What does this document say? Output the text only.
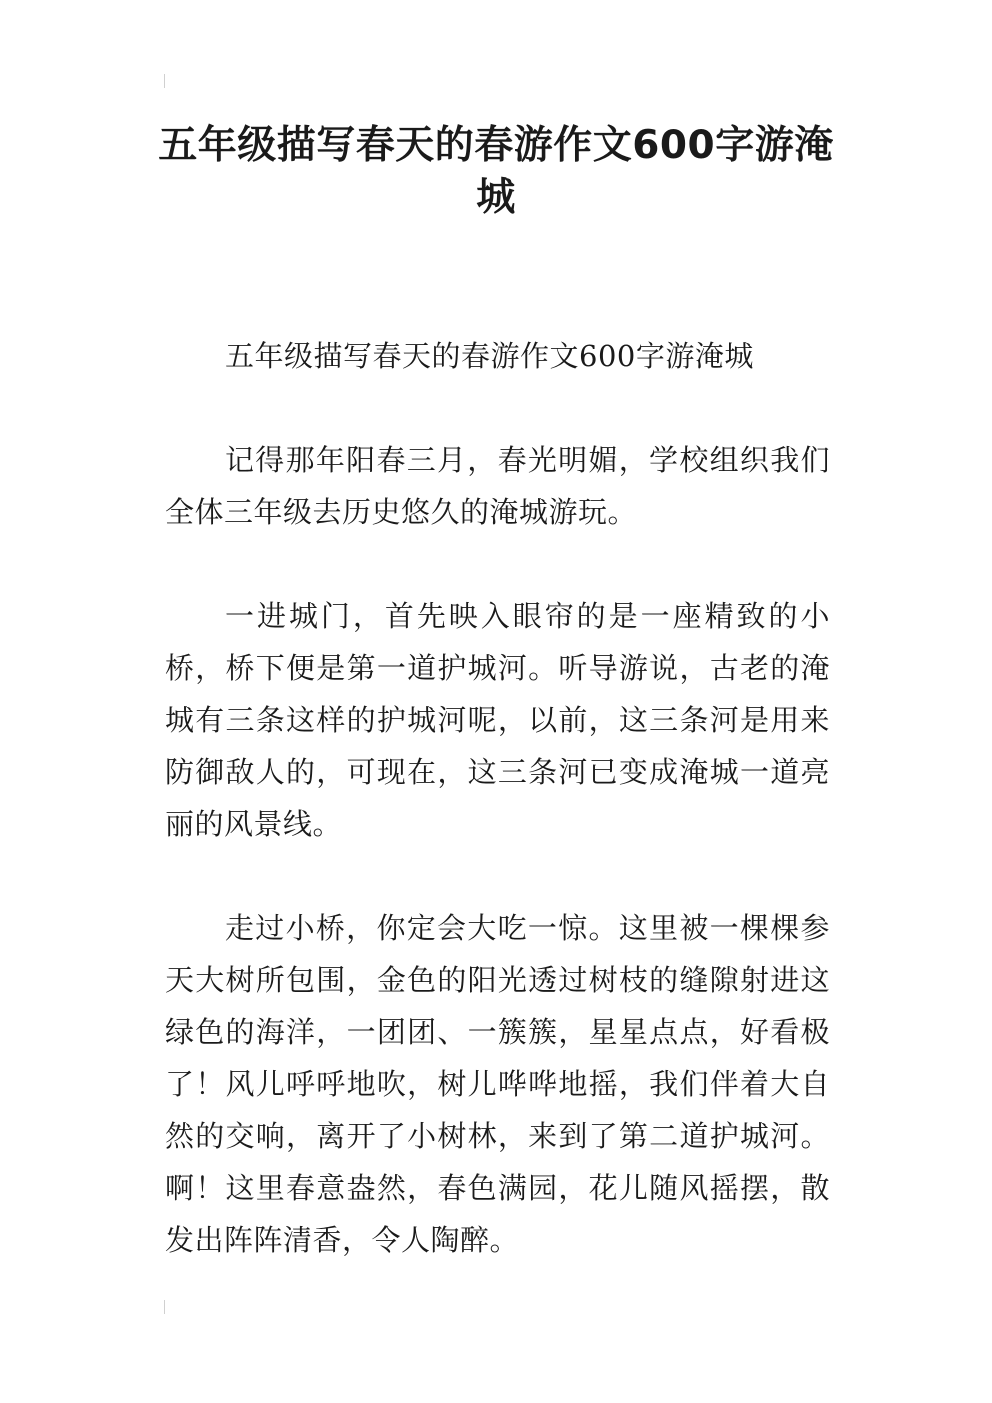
五年级描写春天的春游作文600字游淹城

五年级描写春天的春游作文600字游淹城

记得那年阳春三月，春光明媚，学校组织我们全体三年级去历史悠久的淹城游玩。

一进城门，首先映入眼帘的是一座精致的小桥，桥下便是第一道护城河。听导游说，古老的淹城有三条这样的护城河呢，以前，这三条河是用来防御敌人的，可现在，这三条河已变成淹城一道亮丽的风景线。

走过小桥，你定会大吃一惊。这里被一棵棵参天大树所包围，金色的阳光透过树枝的缝隙射进这绿色的海洋，一团团、一簇簇，星星点点，好看极了！风儿呼呼地吹，树儿哗哗地摇，我们伴着大自然的交响，离开了小树林，来到了第二道护城河。啊！这里春意盎然，春色满园，花儿随风摇摆，散发出阵阵清香，令人陶醉。
